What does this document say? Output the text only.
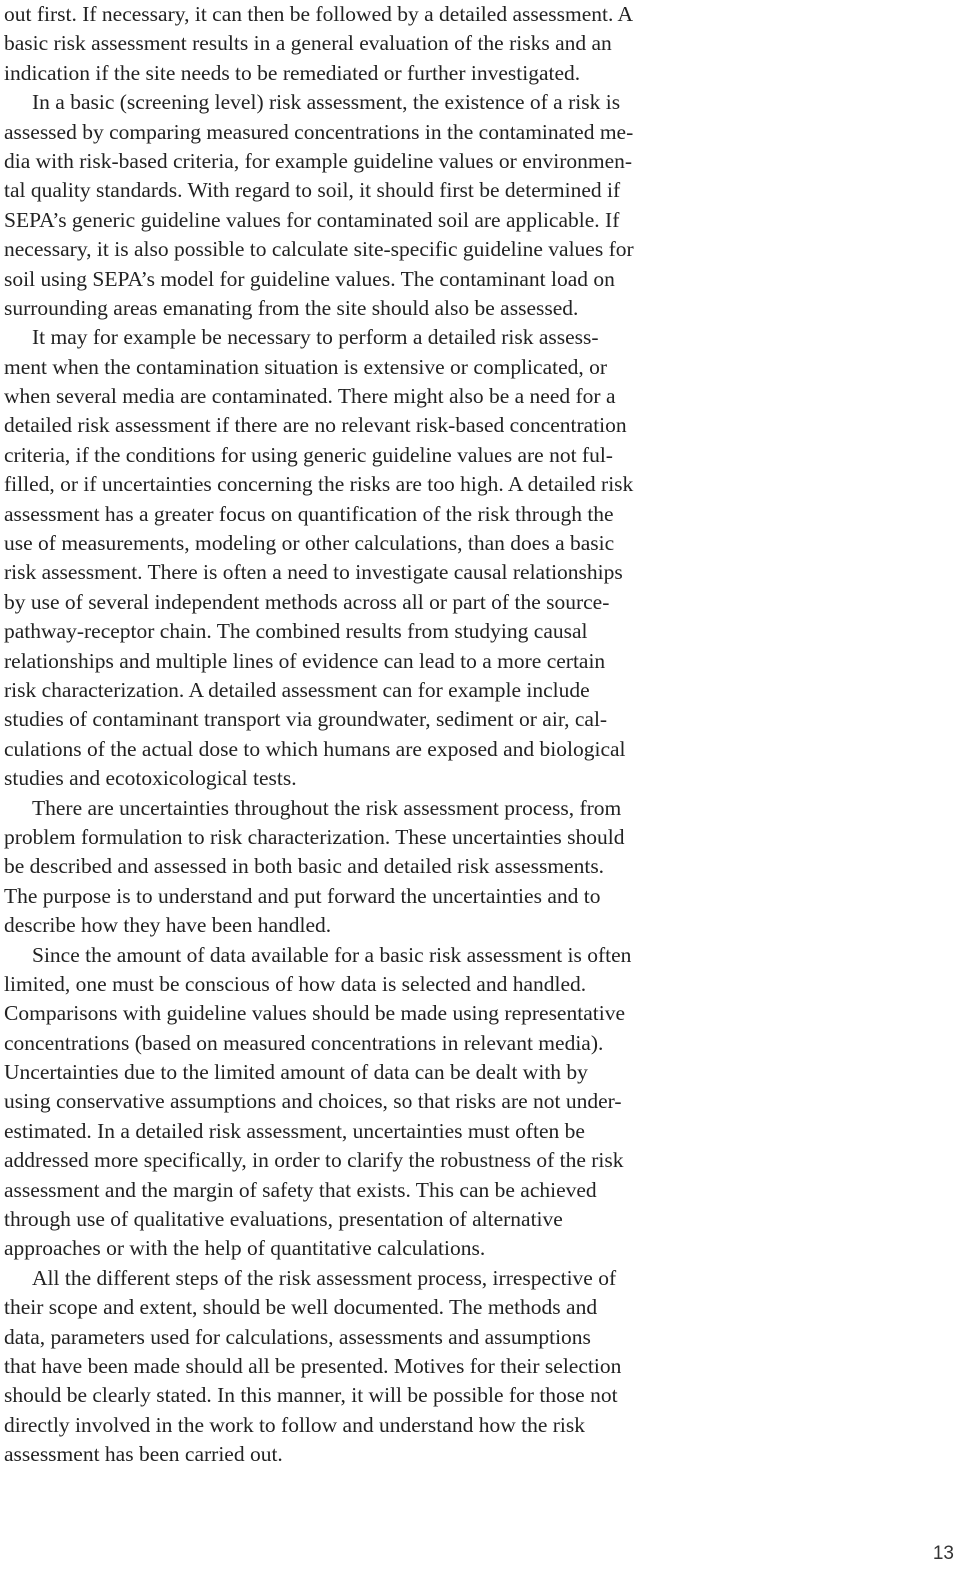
out first. If necessary, it can then be followed by a detailed assessment. A
basic risk assessment results in a general evaluation of the risks and an
indication if the site needs to be remediated or further investigated.
In a basic (screening level) risk assessment, the existence of a risk is
assessed by comparing measured concentrations in the contaminated me-
dia with risk-based criteria, for example guideline values or environmen-
tal quality standards. With regard to soil, it should first be determined if
SEPA’s generic guideline values for contaminated soil are applicable. If
necessary, it is also possible to calculate site-specific guideline values for
soil using SEPA’s model for guideline values. The contaminant load on
surrounding areas emanating from the site should also be assessed.
It may for example be necessary to perform a detailed risk assess-
ment when the contamination situation is extensive or complicated, or
when several media are contaminated. There might also be a need for a
detailed risk assessment if there are no relevant risk-based concentration
criteria, if the conditions for using generic guideline values are not ful-
filled, or if uncertainties concerning the risks are too high. A detailed risk
assessment has a greater focus on quantification of the risk through the
use of measurements, modeling or other calculations, than does a basic
risk assessment. There is often a need to investigate causal relationships
by use of several independent methods across all or part of the source-
pathway-receptor chain. The combined results from studying causal
relationships and multiple lines of evidence can lead to a more certain
risk characterization. A detailed assessment can for example include
studies of contaminant transport via groundwater, sediment or air, cal-
culations of the actual dose to which humans are exposed and biological
studies and ecotoxicological tests.
There are uncertainties throughout the risk assessment process, from
problem formulation to risk characterization. These uncertainties should
be described and assessed in both basic and detailed risk assessments.
The purpose is to understand and put forward the uncertainties and to
describe how they have been handled.
Since the amount of data available for a basic risk assessment is often
limited, one must be conscious of how data is selected and handled.
Comparisons with guideline values should be made using representative
concentrations (based on measured concentrations in relevant media).
Uncertainties due to the limited amount of data can be dealt with by
using conservative assumptions and choices, so that risks are not under-
estimated. In a detailed risk assessment, uncertainties must often be
addressed more specifically, in order to clarify the robustness of the risk
assessment and the margin of safety that exists. This can be achieved
through use of qualitative evaluations, presentation of alternative
approaches or with the help of quantitative calculations.
All the different steps of the risk assessment process, irrespective of
their scope and extent, should be well documented. The methods and
data, parameters used for calculations, assessments and assumptions
that have been made should all be presented. Motives for their selection
should be clearly stated. In this manner, it will be possible for those not
directly involved in the work to follow and understand how the risk
assessment has been carried out.
13
